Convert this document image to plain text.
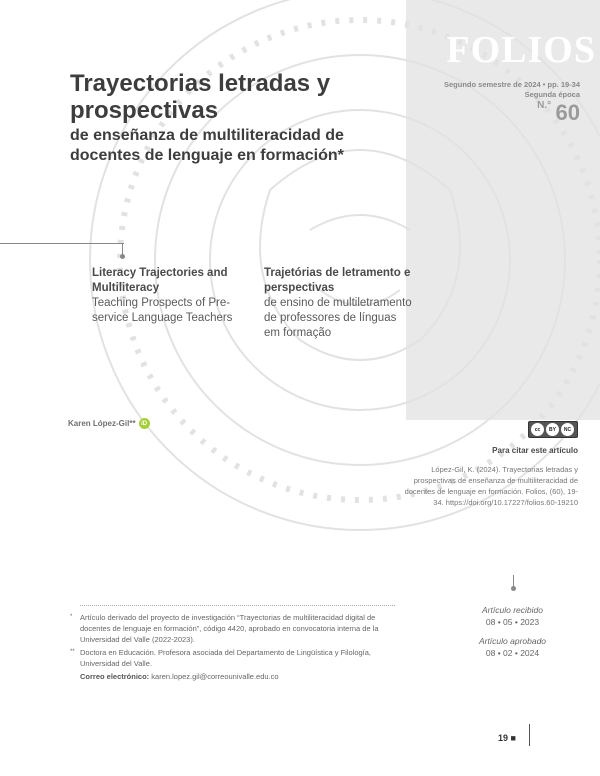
FOLIOS
Segundo semestre de 2024 • pp. 19-34
Segunda época
$^{N.^\circ}$ 60
Trayectorias letradas y prospectivas
de enseñanza de multiliteracidad de docentes de lenguaje en formación*
Literacy Trajectories and Multiliteracy
Teaching Prospects of Pre-service Language Teachers
Trajetórias de letramento e perspectivas
de ensino de multiletramento de professores de línguas em formação
Karen López-Gil** iD
cc	BY	NC
Para citar este artículo
López-Gil, K. (2024). Trayectorias letradas y prospectivas de enseñanza de multiliteracidad de docentes de lenguaje en formación. Folios, (60), 19-34. https://doi.org/10.17227/folios.60-19210
Artículo recibido
08 • 05 • 2023
Artículo aprobado
08 • 02 • 2024
*	Artículo derivado del proyecto de investigación “Trayectorias de multiliteracidad digital de docentes de lenguaje en formación”, código 4420, aprobado en convocatoria interna de la Universidad del Valle (2022-2023).
** Doctora en Educación. Profesora asociada del Departamento de Lingüística y Filología, Universidad del Valle.
Correo electrónico: karen.lopez.gil@correounivalle.edu.co
19 ■
